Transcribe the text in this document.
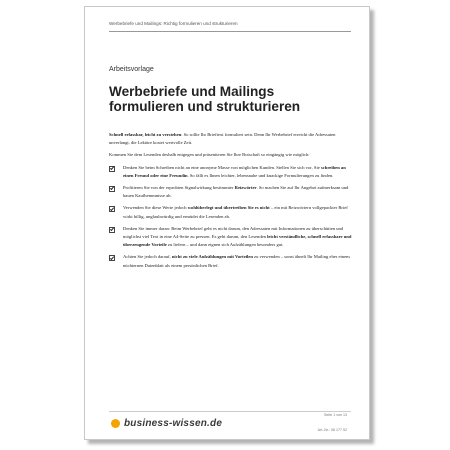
Werbebriefe und Mailings: Richtig formulieren und strukturieren
Arbeitsvorlage
Werbebriefe und Mailings
formulieren und strukturieren

Schnell erfassbar, leicht zu verstehen: So sollte Ihr Brieftext formuliert sein. Denn Ihr Werbebrief erreicht die Adressaten unverlangt, die Lektüre kostet wertvolle Zeit.

Kommen Sie dem Lesenden deshalb entgegen und präsentieren Sie Ihre Botschaft so eingängig wie möglich:

Denken Sie beim Schreiben nicht an eine anonyme Masse von möglichen Kunden. Stellen Sie sich vor, Sie schreiben an einen Freund oder eine Freundin. So fällt es Ihnen leichter, lebensnahe und knackige Formulierungen zu finden.
Profitieren Sie von der erprobten Signalwirkung bestimmter Reizwörter. So machen Sie auf Ihr Angebot aufmerksam und bauen Kaufhemmnisse ab.
Verwenden Sie diese Werte jedoch wohlüberlegt und übertreiben Sie es nicht – ein mit Reizwörtern vollgepackter Brief wirkt billig, unglaubwürdig und ermüdet die Lesenden ab.
Denken Sie immer daran: Beim Werbebrief geht es nicht darum, den Adressaten mit Informationen zu überschütten und möglichst viel Text in eine A4-Seite zu pressen. Es geht darum, den Lesenden leicht verständliche, schnell erfassbare und überzeugende Vorteile zu liefern – und dann eignen sich Aufzählungen besonders gut.
Achten Sie jedoch darauf, nicht zu viele Aufzählungen mit Vorteilen zu verwenden – sonst ähnelt Ihr Mailing eher einem nüchternen Datenblatt als einem persönlichen Brief.
business-wissen.de
Seite 1 von 13
Art.-Nr.: 08 177 52
